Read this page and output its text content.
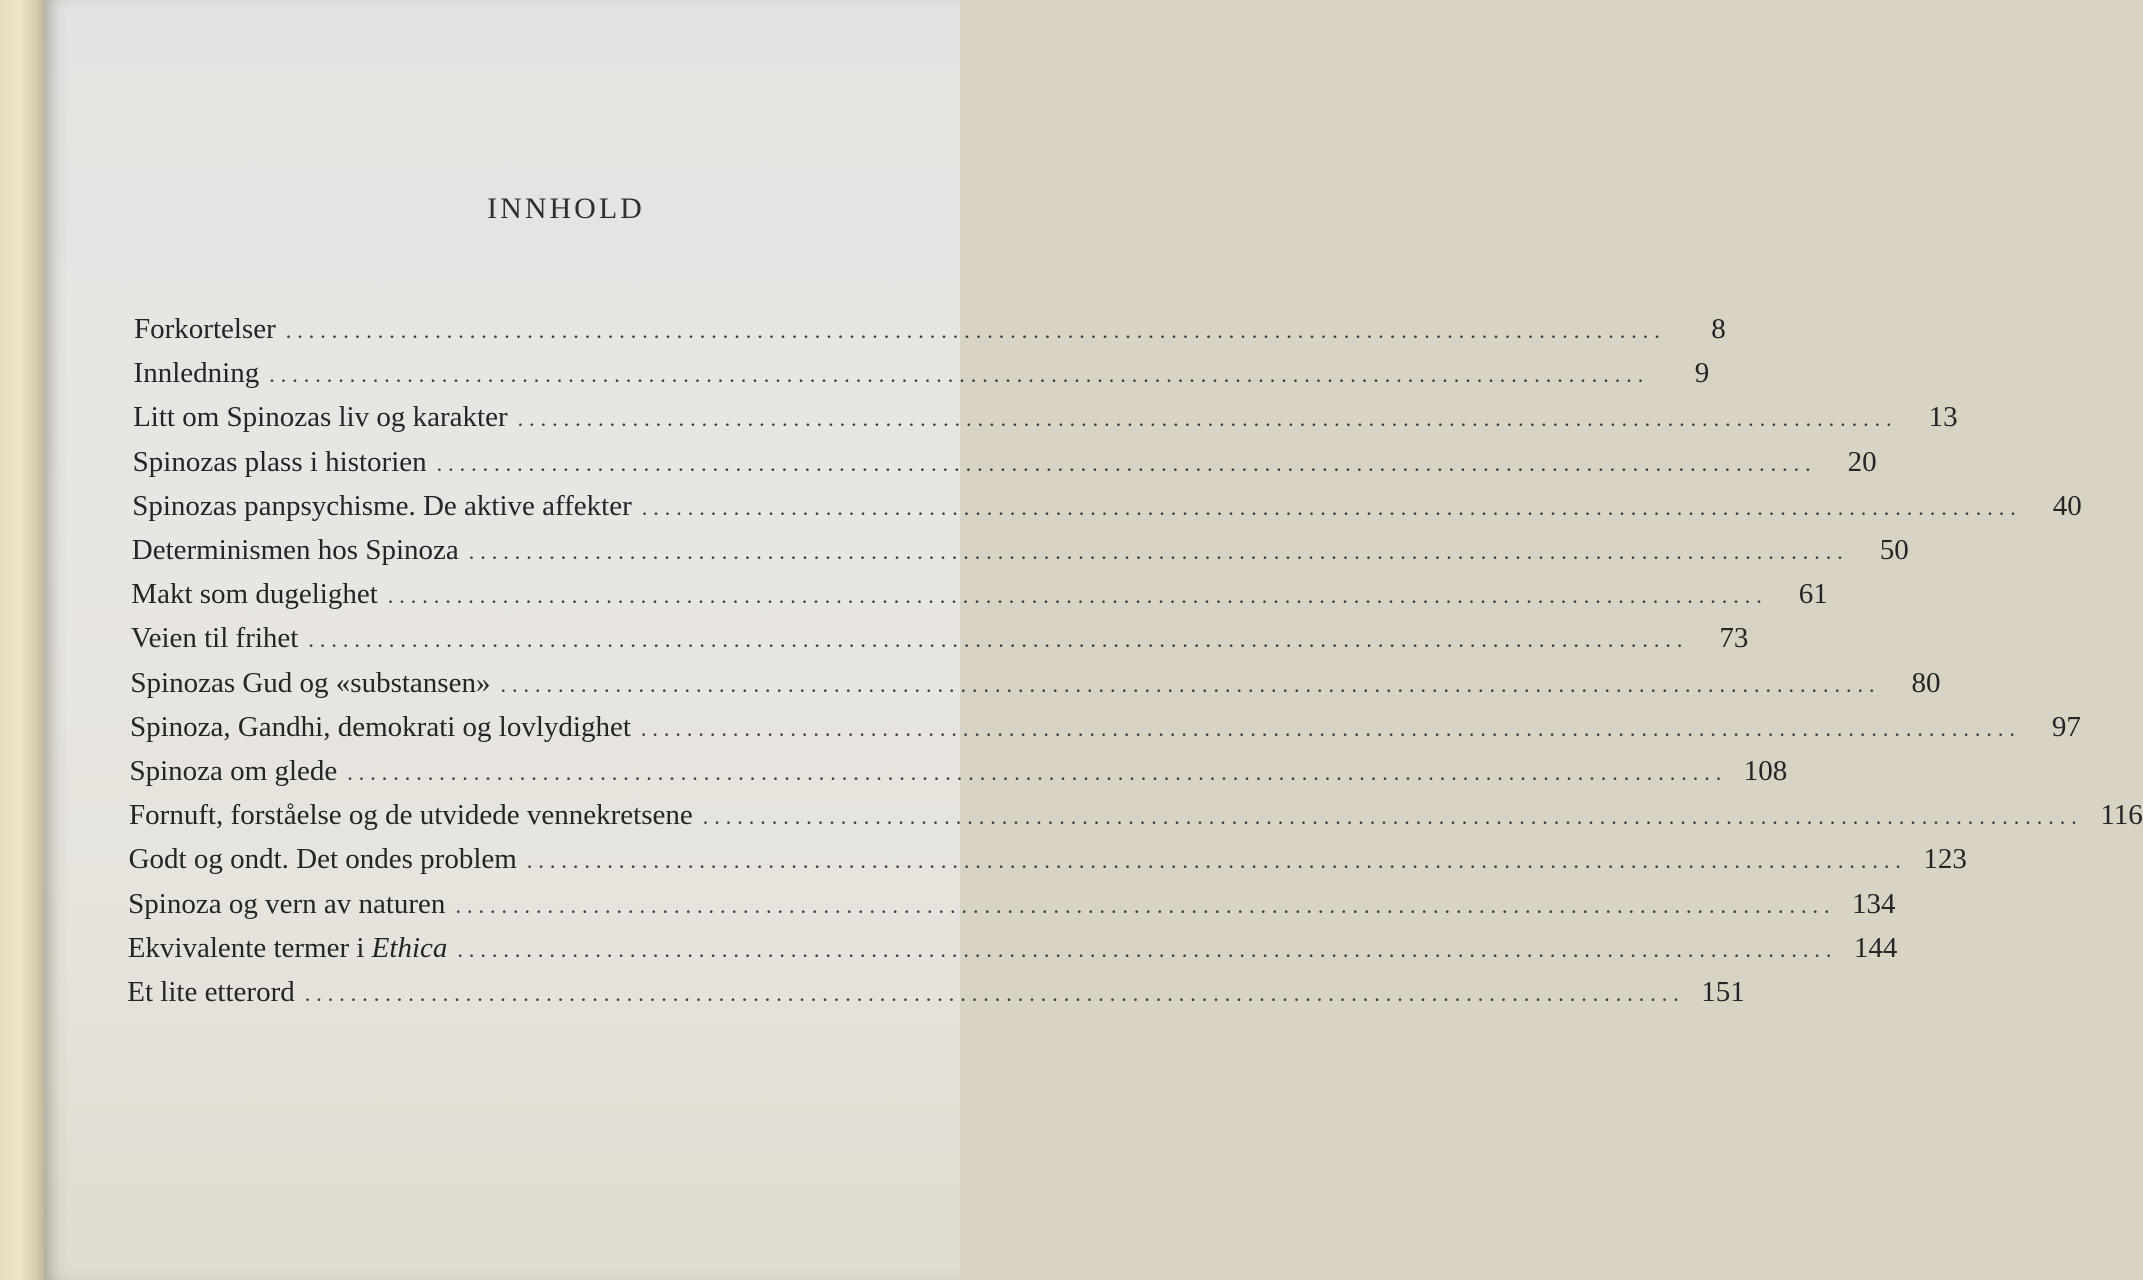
INNHOLD
Forkortelser ........................................................................................................................	8
Innledning ........................................................................................................................	9
Litt om Spinozas liv og karakter ........................................................................................................................	13
Spinozas plass i historien ........................................................................................................................	20
Spinozas panpsychisme. De aktive affekter ........................................................................................................................	40
Determinismen hos Spinoza ........................................................................................................................	50
Makt som dugelighet ........................................................................................................................	61
Veien til frihet ........................................................................................................................	73
Spinozas Gud og «substansen» ........................................................................................................................	80
Spinoza, Gandhi, demokrati og lovlydighet ........................................................................................................................	97
Spinoza om glede ........................................................................................................................ 108
Fornuft, forståelse og de utvidede vennekretsene ........................................................................................................................ 116
Godt og ondt. Det ondes problem ........................................................................................................................ 123
Spinoza og vern av naturen ........................................................................................................................ 134
Ekvivalente termer i Ethica ........................................................................................................................ 144
Et lite etterord ........................................................................................................................ 151
